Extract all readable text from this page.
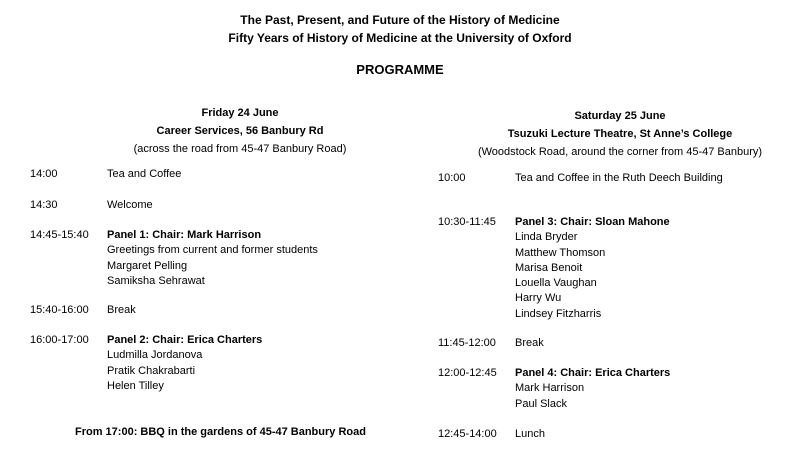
The Past, Present, and Future of the History of Medicine
Fifty Years of History of Medicine at the University of Oxford
PROGRAMME
Friday 24 June
Career Services, 56 Banbury Rd
(across the road from 45-47 Banbury Road)
14:00	Tea and Coffee
14:30	Welcome
14:45-15:40 Panel 1: Chair: Mark Harrison
Greetings from current and former students
Margaret Pelling
Samiksha Sehrawat
15:40-16:00 Break
16:00-17:00 Panel 2: Chair: Erica Charters
Ludmilla Jordanova
Pratik Chakrabarti
Helen Tilley
From 17:00: BBQ in the gardens of 45-47 Banbury Road
Saturday 25 June
Tsuzuki Lecture Theatre, St Anne’s College
(Woodstock Road, around the corner from 45-47 Banbury)
10:00	Tea and Coffee in the Ruth Deech Building
10:30-11:45 Panel 3: Chair: Sloan Mahone
Linda Bryder
Matthew Thomson
Marisa Benoit
Louella Vaughan
Harry Wu
Lindsey Fitzharris
11:45-12:00 Break
12:00-12:45 Panel 4: Chair: Erica Charters
Mark Harrison
Paul Slack
12:45-14:00 Lunch
